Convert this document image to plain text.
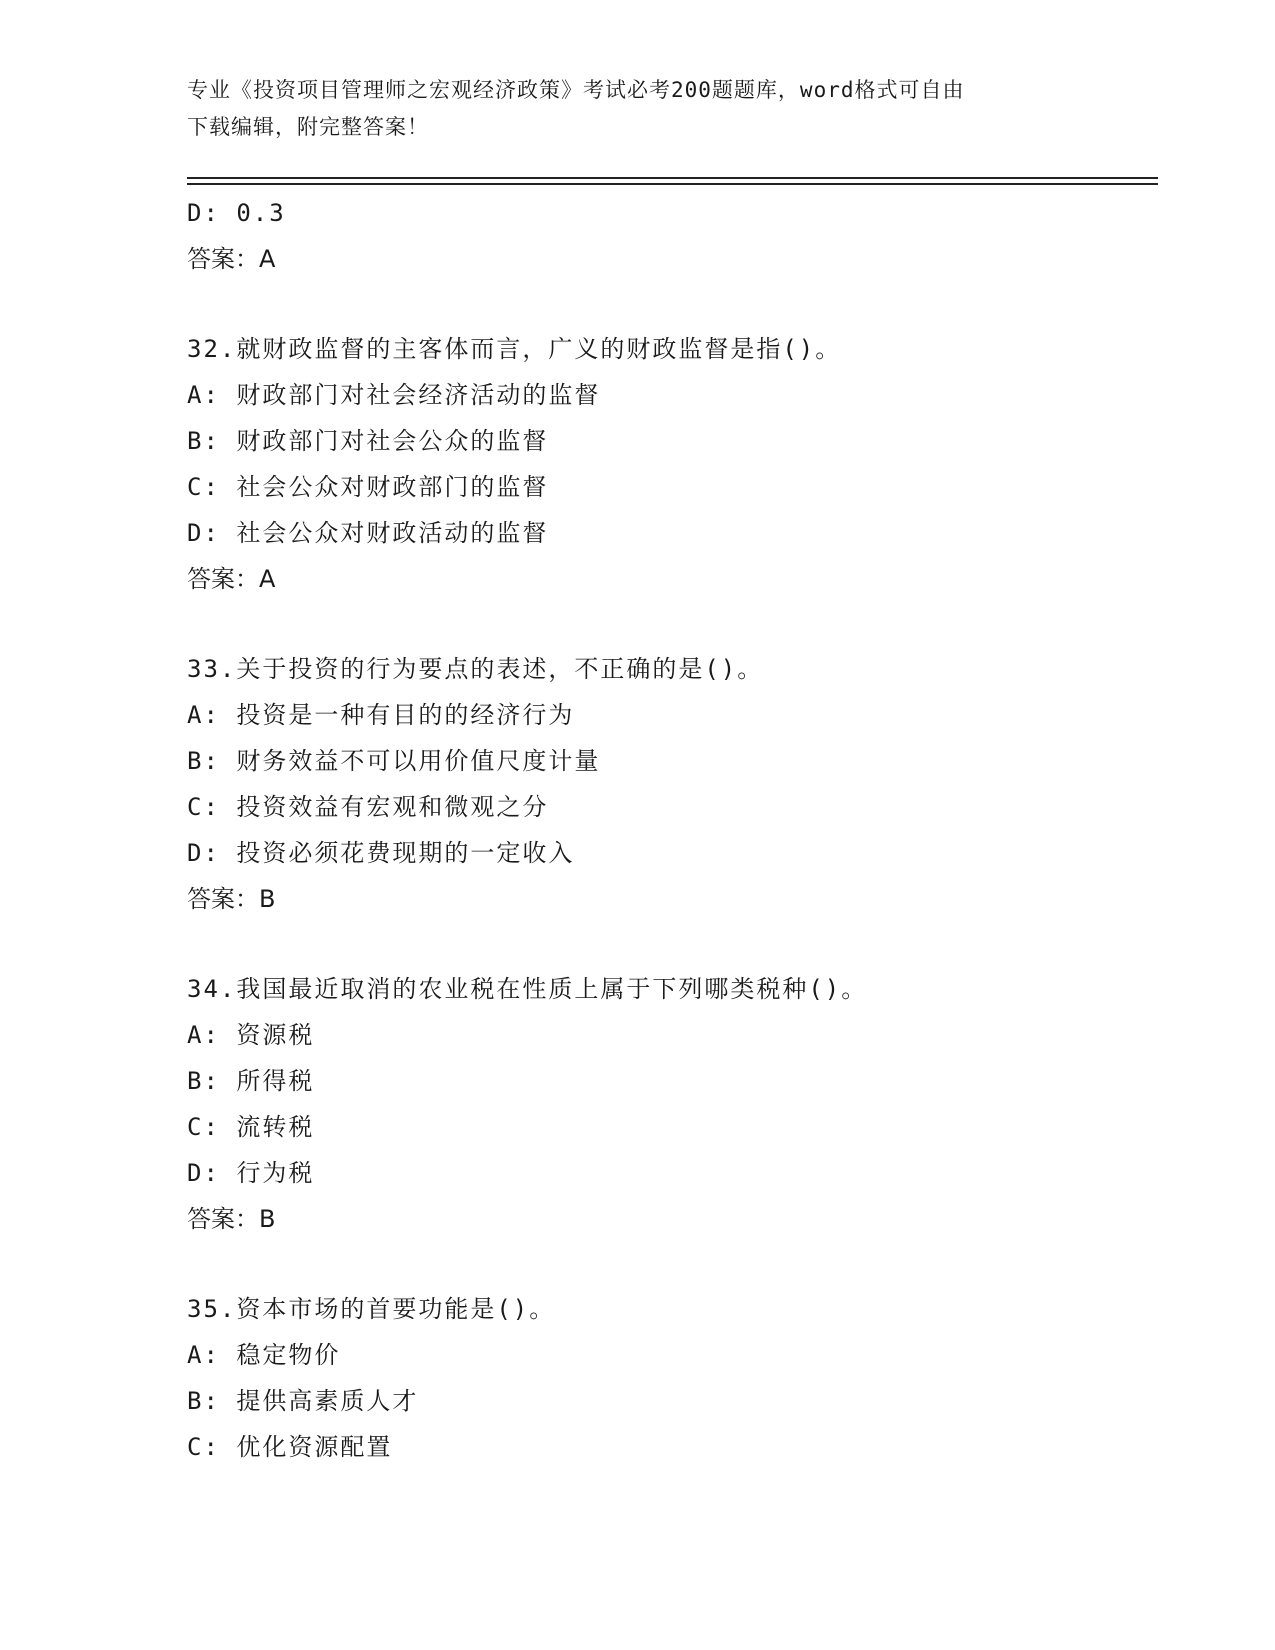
专业《投资项目管理师之宏观经济政策》考试必考200题题库，word格式可自由
下载编辑，附完整答案！
D: 0.3
答案：A
32.就财政监督的主客体而言，广义的财政监督是指()。
A: 财政部门对社会经济活动的监督
B: 财政部门对社会公众的监督
C: 社会公众对财政部门的监督
D: 社会公众对财政活动的监督
答案：A
33.关于投资的行为要点的表述，不正确的是()。
A: 投资是一种有目的的经济行为
B: 财务效益不可以用价值尺度计量
C: 投资效益有宏观和微观之分
D: 投资必须花费现期的一定收入
答案：B
34.我国最近取消的农业税在性质上属于下列哪类税种()。
A: 资源税
B: 所得税
C: 流转税
D: 行为税
答案：B
35.资本市场的首要功能是()。
A: 稳定物价
B: 提供高素质人才
C: 优化资源配置
